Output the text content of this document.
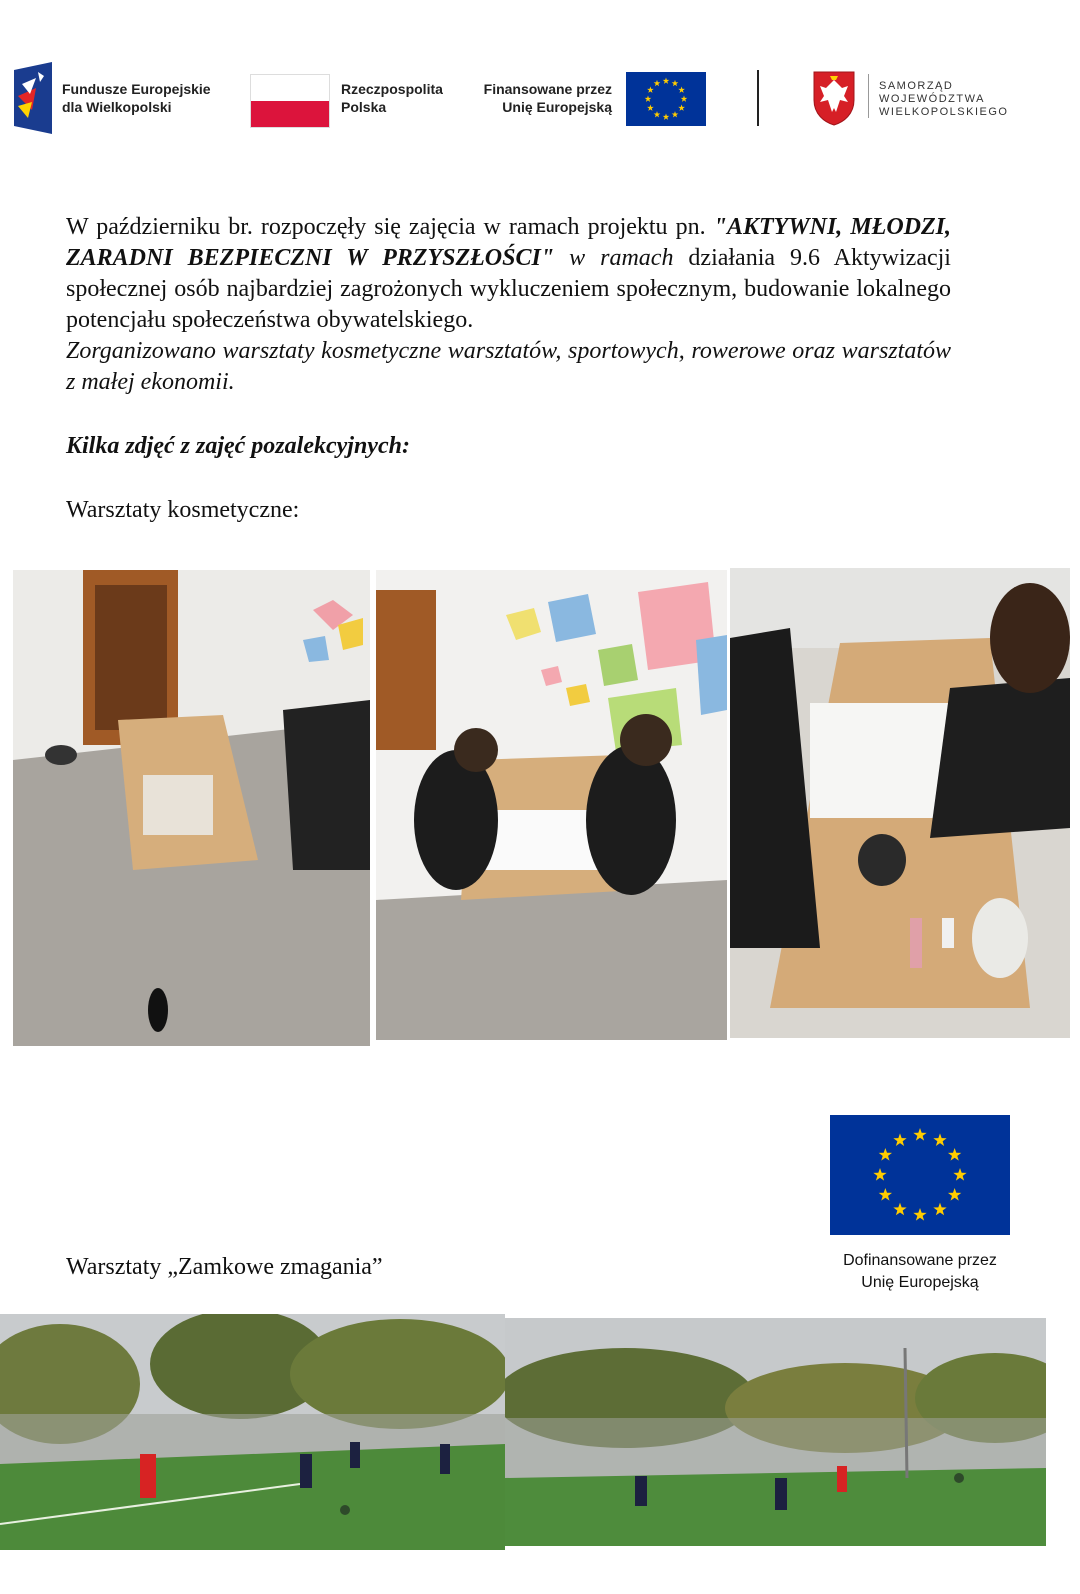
Fundusze Europejskie
dla Wielkopolski
Rzeczpospolita
Polska
Finansowane przez
Unię Europejską
SAMORZĄD
WOJEWÓDZTWA
WIELKOPOLSKIEGO

W październiku br. rozpoczęły się zajęcia w ramach projektu pn. "AKTYWNI, MŁODZI, ZARADNI BEZPIECZNI W PRZYSZŁOŚCI" w ramach działania 9.6 Aktywizacji społecznej osób najbardziej zagrożonych wykluczeniem społecznym, budowanie lokalnego potencjału społeczeństwa obywatelskiego.

Zorganizowano warsztaty kosmetyczne warsztatów, sportowych, rowerowe oraz warsztatów z małej ekonomii.

Kilka zdjęć z zajęć pozalekcyjnych:
Warsztaty kosmetyczne:
Dofinansowane przez
Unię Europejską
Warsztaty „Zamkowe zmagania”
